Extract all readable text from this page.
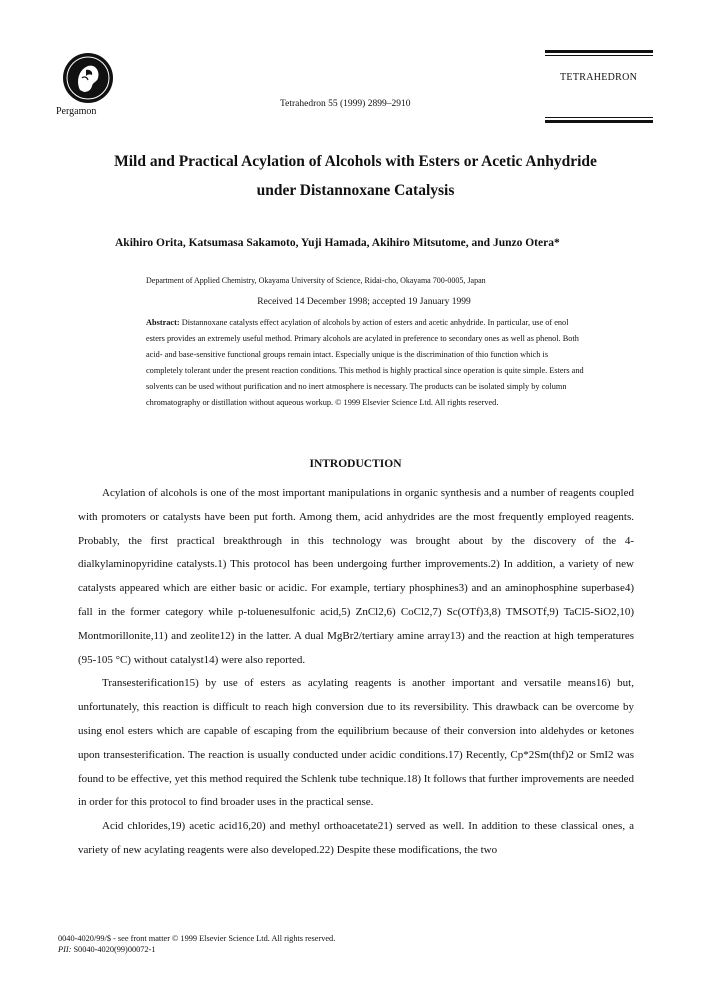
Pergamon
Tetrahedron 55 (1999) 2899–2910
TETRAHEDRON
Mild and Practical Acylation of Alcohols with Esters or Acetic Anhydride
under Distannoxane Catalysis
Akihiro Orita, Katsumasa Sakamoto, Yuji Hamada, Akihiro Mitsutome, and Junzo Otera*
Department of Applied Chemistry, Okayama University of Science, Ridai-cho, Okayama 700-0005, Japan
Received 14 December 1998; accepted 19 January 1999
Abstract: Distannoxane catalysts effect acylation of alcohols by action of esters and acetic anhydride. In particular, use of enol esters provides an extremely useful method. Primary alcohols are acylated in preference to secondary ones as well as phenol. Both acid- and base-sensitive functional groups remain intact. Especially unique is the discrimination of thio function which is completely tolerant under the present reaction conditions. This method is highly practical since operation is quite simple. Esters and solvents can be used without purification and no inert atmosphere is necessary. The products can be isolated simply by column chromatography or distillation without aqueous workup. © 1999 Elsevier Science Ltd. All rights reserved.
INTRODUCTION

Acylation of alcohols is one of the most important manipulations in organic synthesis and a number of reagents coupled with promoters or catalysts have been put forth. Among them, acid anhydrides are the most frequently employed reagents. Probably, the first practical breakthrough in this technology was brought about by the discovery of the 4-dialkylaminopyridine catalysts.1) This protocol has been undergoing further improvements.2) In addition, a variety of new catalysts appeared which are either basic or acidic. For example, tertiary phosphines3) and an aminophosphine superbase4) fall in the former category while p-toluenesulfonic acid,5) ZnCl2,6) CoCl2,7) Sc(OTf)3,8) TMSOTf,9) TaCl5-SiO2,10) Montmorillonite,11) and zeolite12) in the latter. A dual MgBr2/tertiary amine array13) and the reaction at high temperatures (95-105 °C) without catalyst14) were also reported.

Transesterification15) by use of esters as acylating reagents is another important and versatile means16) but, unfortunately, this reaction is difficult to reach high conversion due to its reversibility. This drawback can be overcome by using enol esters which are capable of escaping from the equilibrium because of their conversion into aldehydes or ketones upon transesterification. The reaction is usually conducted under acidic conditions.17) Recently, Cp*2Sm(thf)2 or SmI2 was found to be effective, yet this method required the Schlenk tube technique.18) It follows that further improvements are needed in order for this protocol to find broader uses in the practical sense.

Acid chlorides,19) acetic acid16,20) and methyl orthoacetate21) served as well. In addition to these classical ones, a variety of new acylating reagents were also developed.22) Despite these modifications, the two

0040-4020/99/$ - see front matter © 1999 Elsevier Science Ltd. All rights reserved.
PII: S0040-4020(99)00072-1
